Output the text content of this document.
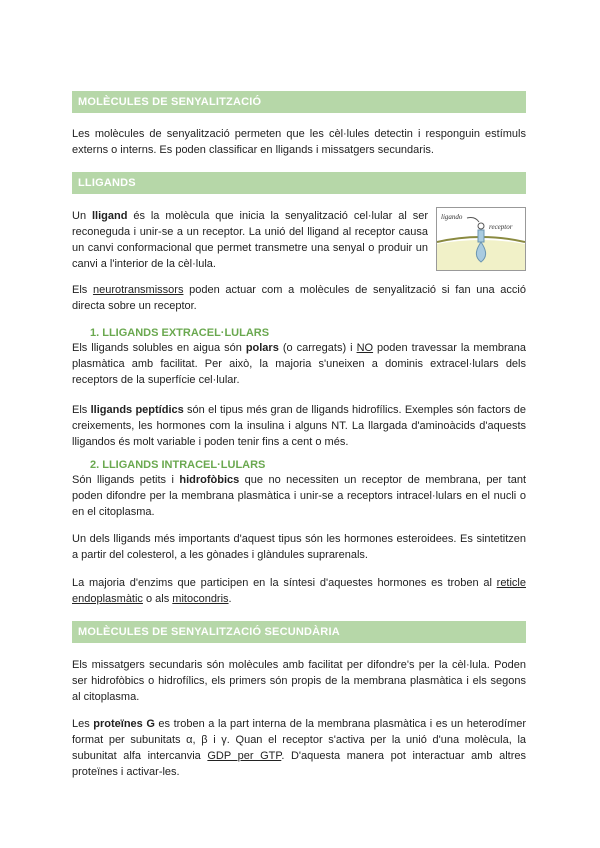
MOLÈCULES DE SENYALITZACIÓ

Les molècules de senyalització permeten que les cèl·lules detectin i responguin estímuls externs o interns. Es poden classificar en lligands i missatgers secundaris.

LLIGANDS

Un lligand és la molècula que inicia la senyalització cel·lular al ser reconeguda i unir-se a un receptor. La unió del lligand al receptor causa un canvi conformacional que permet transmetre una senyal o produir un canvi a l'interior de la cèl·lula.

ligando
receptor

Els neurotransmissors poden actuar com a molècules de senyalització si fan una acció directa sobre un receptor.

1. LLIGANDS EXTRACEL·LULARS

Els lligands solubles en aigua són polars (o carregats) i NO poden travessar la membrana plasmàtica amb facilitat. Per això, la majoria s'uneixen a dominis extracel·lulars dels receptors de la superfície cel·lular.

Els lligands peptídics són el tipus més gran de lligands hidrofílics. Exemples són factors de creixements, les hormones com la insulina i alguns NT. La llargada d'aminoàcids d'aquests lligandos és molt variable i poden tenir fins a cent o més.

2. LLIGANDS INTRACEL·LULARS

Són lligands petits i hidrofòbics que no necessiten un receptor de membrana, per tant poden difondre per la membrana plasmàtica i unir-se a receptors intracel·lulars en el nucli o en el citoplasma.

Un dels lligands més importants d'aquest tipus són les hormones esteroidees. Es sintetitzen a partir del colesterol, a les gònades i glàndules suprarenals.

La majoria d'enzims que participen en la síntesi d'aquestes hormones es troben al reticle endoplasmàtic o als mitocondris.

MOLÈCULES DE SENYALITZACIÓ SECUNDÀRIA

Els missatgers secundaris són molècules amb facilitat per difondre's per la cèl·lula. Poden ser hidrofòbics o hidrofílics, els primers són propis de la membrana plasmàtica i els segons al citoplasma.

Les proteïnes G es troben a la part interna de la membrana plasmàtica i es un heterodímer format per subunitats α, β i γ. Quan el receptor s'activa per la unió d'una molècula, la subunitat alfa intercanvia GDP per GTP. D'aquesta manera pot interactuar amb altres proteïnes i activar-les.
